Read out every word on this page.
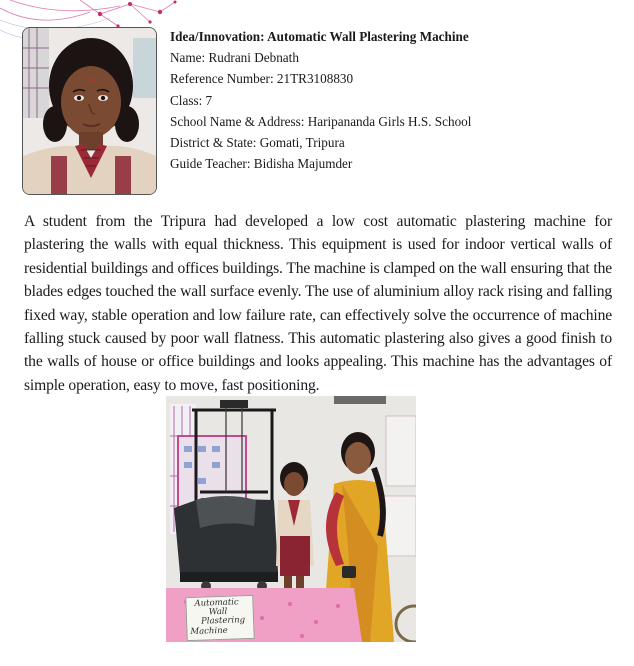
Idea/Innovation: Automatic Wall Plastering Machine
Name: Rudrani Debnath
Reference Number: 21TR3108830
Class: 7
School Name & Address: Haripananda Girls H.S. School
District & State: Gomati, Tripura
Guide Teacher: Bidisha Majumder
A student from the Tripura had developed a low cost automatic plastering machine for plastering the walls with equal thickness. This equipment is used for indoor vertical walls of residential buildings and offices buildings. The machine is clamped on the wall ensuring that the blades edges touched the wall surface evenly. The use of aluminium alloy rack rising and falling fixed way, stable operation and low failure rate, can effectively solve the occurrence of machine falling stuck caused by poor wall flatness. This automatic plastering also gives a good finish to the walls of house or office buildings and looks appealing. This machine has the advantages of simple operation, easy to move, fast positioning.
Automatic
Wall
Plastering
Machine
